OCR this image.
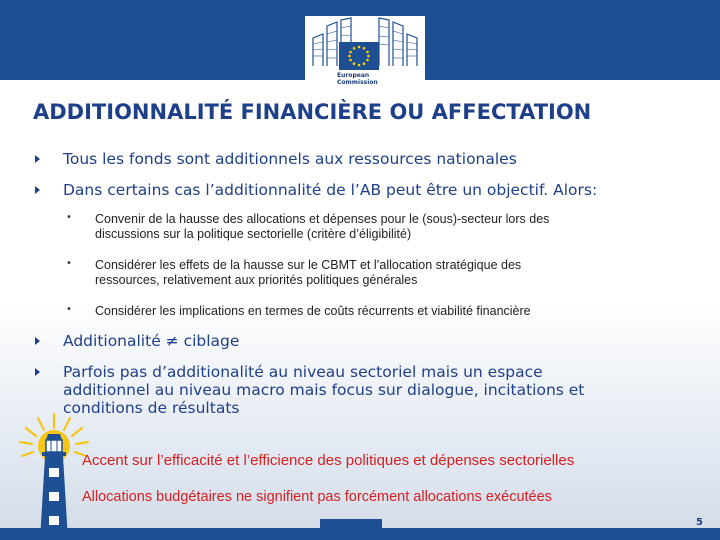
European
Commission
ADDITIONNALITÉ FINANCIÈRE OU AFFECTATION
Tous les fonds sont additionnels aux ressources nationales
Dans certains cas l’additionnalité de l’AB peut être un objectif. Alors:
• Convenir de la hausse des allocations et dépenses pour le (sous)-secteur lors des
discussions sur la politique sectorielle (critère d’éligibilité)
• Considérer les effets de la hausse sur le CBMT et l’allocation stratégique des
ressources, relativement aux priorités politiques générales
• Considérer les implications en termes de coûts récurrents et viabilité financière
Additionalité ≠ ciblage
Parfois pas d’additionalité au niveau sectoriel mais un espace
additionnel au niveau macro mais focus sur dialogue, incitations et
conditions de résultats
Accent sur l’efficacité et l’efficience des politiques et dépenses sectorielles
Allocations budgétaires ne signifient pas forcément allocations exécutées
5
